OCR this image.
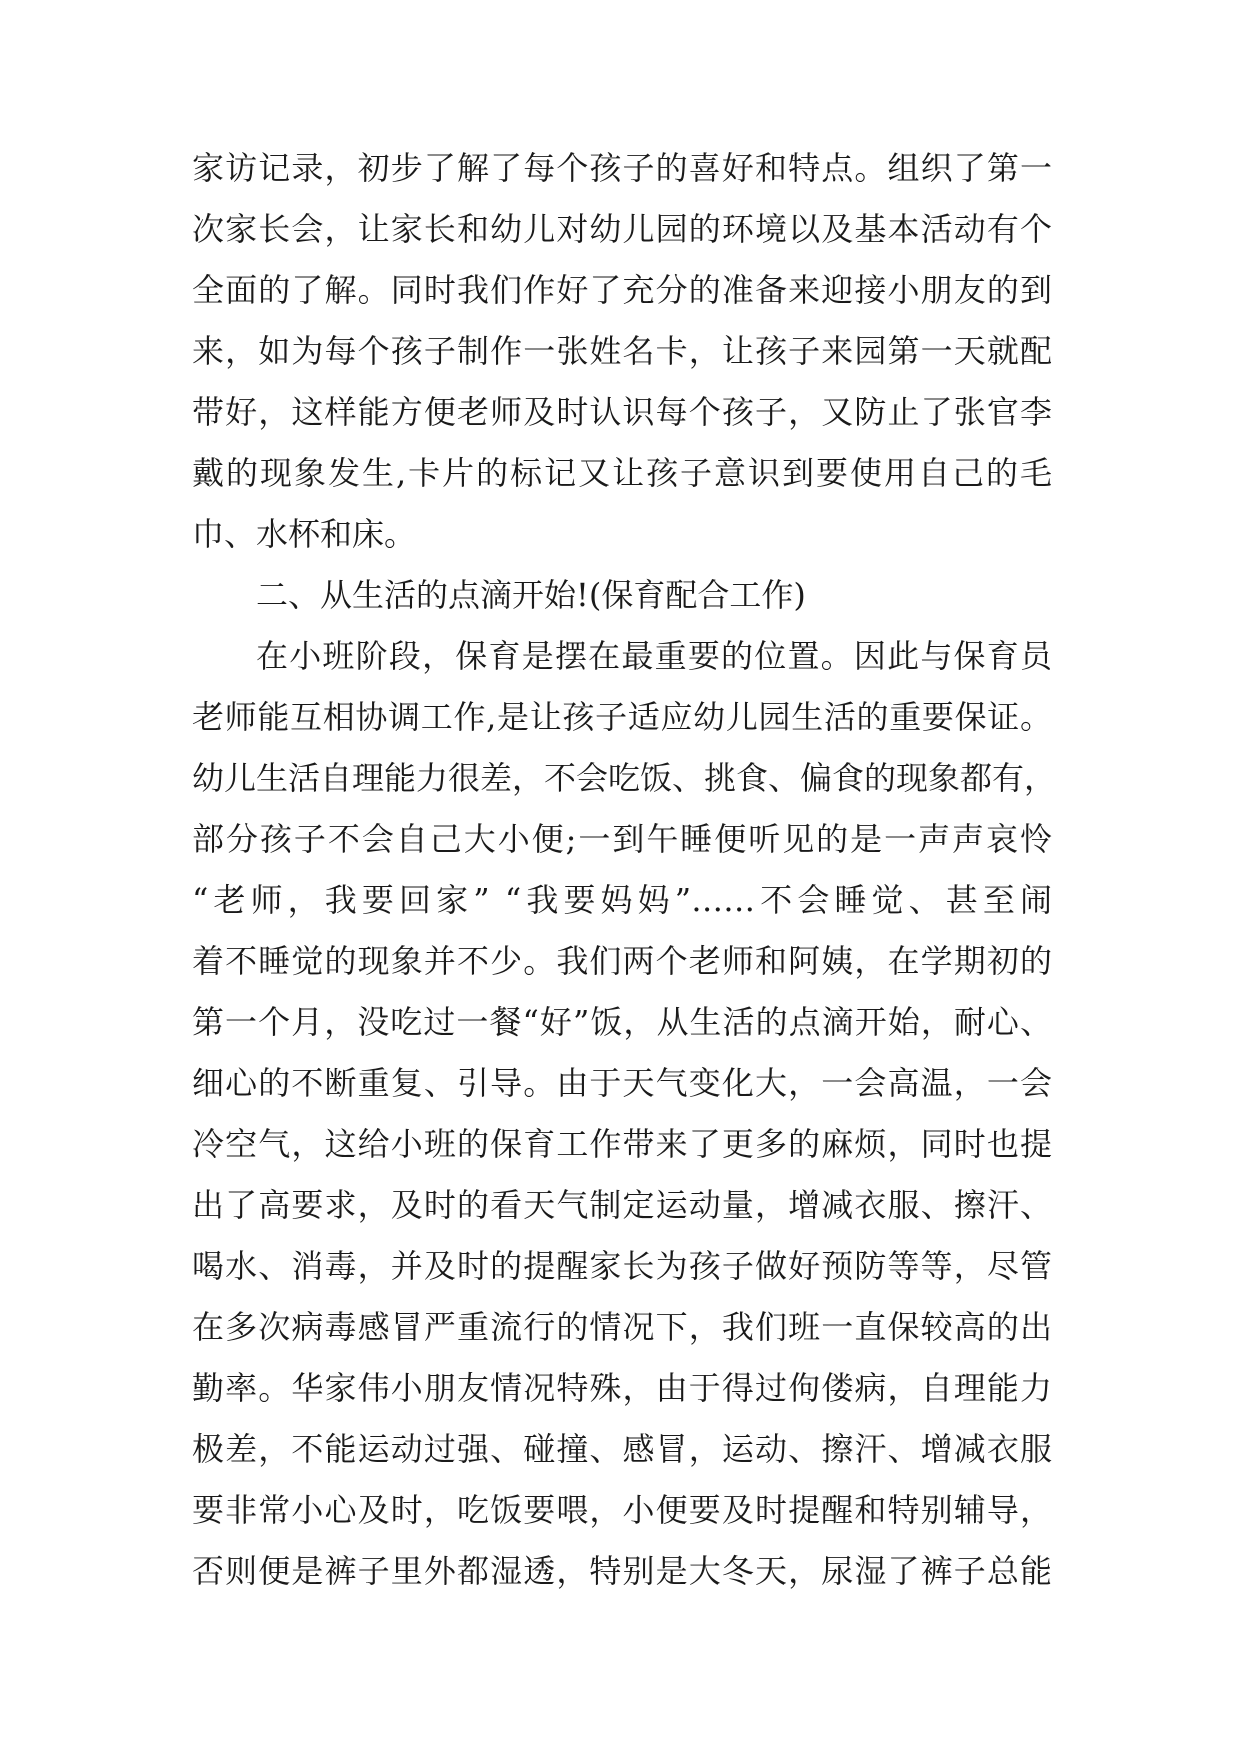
家访记录，初步了解了每个孩子的喜好和特点。组织了第一
次家长会，让家长和幼儿对幼儿园的环境以及基本活动有个
全面的了解。同时我们作好了充分的准备来迎接小朋友的到
来，如为每个孩子制作一张姓名卡，让孩子来园第一天就配
带好，这样能方便老师及时认识每个孩子，又防止了张官李
戴的现象发生,卡片的标记又让孩子意识到要使用自己的毛
巾、水杯和床。
二、从生活的点滴开始!(保育配合工作)
在小班阶段，保育是摆在最重要的位置。因此与保育员
老师能互相协调工作,是让孩子适应幼儿园生活的重要保证。
幼儿生活自理能力很差，不会吃饭、挑食、偏食的现象都有，
部分孩子不会自己大小便;一到午睡便听见的是一声声哀怜
“老师，我要回家” “我要妈妈”……不会睡觉、甚至闹
着不睡觉的现象并不少。我们两个老师和阿姨，在学期初的
第一个月，没吃过一餐“好”饭，从生活的点滴开始，耐心、
细心的不断重复、引导。由于天气变化大，一会高温，一会
冷空气，这给小班的保育工作带来了更多的麻烦，同时也提
出了高要求，及时的看天气制定运动量，增减衣服、擦汗、
喝水、消毒，并及时的提醒家长为孩子做好预防等等，尽管
在多次病毒感冒严重流行的情况下，我们班一直保较高的出
勤率。华家伟小朋友情况特殊，由于得过佝偻病，自理能力
极差，不能运动过强、碰撞、感冒，运动、擦汗、增减衣服
要非常小心及时，吃饭要喂，小便要及时提醒和特别辅导，
否则便是裤子里外都湿透，特别是大冬天，尿湿了裤子总能
